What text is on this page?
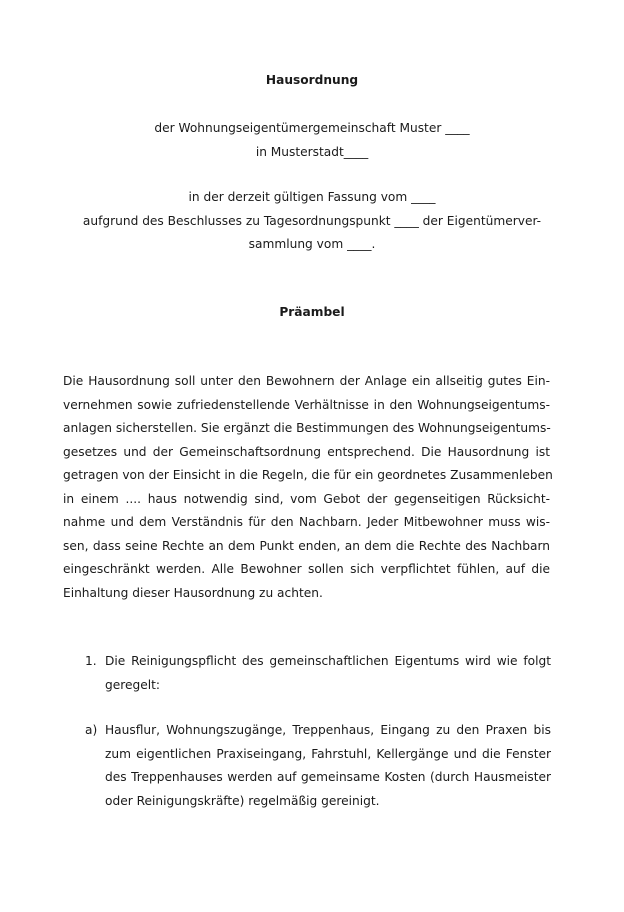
Hausordnung
der Wohnungseigentümergemeinschaft Muster ____
in Musterstadt____
in der derzeit gültigen Fassung vom ____
aufgrund des Beschlusses zu Tagesordnungspunkt ____ der Eigentümerver-
sammlung vom ____.
Präambel
Die Hausordnung soll unter den Bewohnern der Anlage ein allseitig gutes Ein-
vernehmen sowie zufriedenstellende Verhältnisse in den Wohnungseigentums-
anlagen sicherstellen. Sie ergänzt die Bestimmungen des Wohnungseigentums-
gesetzes und der Gemeinschaftsordnung entsprechend. Die Hausordnung ist
getragen von der Einsicht in die Regeln, die für ein geordnetes Zusammenleben
in einem .... haus notwendig sind, vom Gebot der gegenseitigen Rücksicht-
nahme und dem Verständnis für den Nachbarn. Jeder Mitbewohner muss wis-
sen, dass seine Rechte an dem Punkt enden, an dem die Rechte des Nachbarn
eingeschränkt werden. Alle Bewohner sollen sich verpflichtet fühlen, auf die
Einhaltung dieser Hausordnung zu achten.
1. Die Reinigungspflicht des gemeinschaftlichen Eigentums wird wie folgt
geregelt:
a) Hausflur, Wohnungszugänge, Treppenhaus, Eingang zu den Praxen bis
zum eigentlichen Praxiseingang, Fahrstuhl, Kellergänge und die Fenster
des Treppenhauses werden auf gemeinsame Kosten (durch Hausmeister
oder Reinigungskräfte) regelmäßig gereinigt.
